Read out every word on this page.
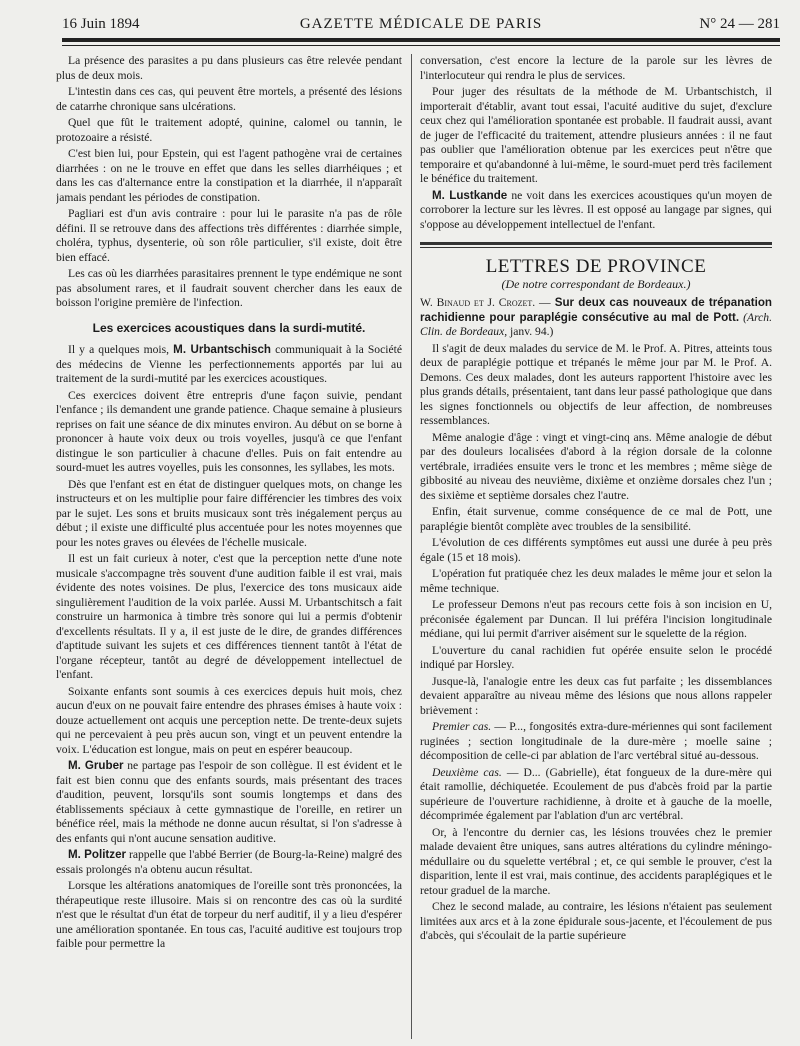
16 Juin 1894	GAZETTE MÉDICALE DE PARIS	N° 24 — 281

La présence des parasites a pu dans plusieurs cas être relevée pendant plus de deux mois.

L'intestin dans ces cas, qui peuvent être mortels, a présenté des lésions de catarrhe chronique sans ulcérations.

Quel que fût le traitement adopté, quinine, calomel ou tannin, le protozoaire a résisté.

C'est bien lui, pour Epstein, qui est l'agent pathogène vrai de certaines diarrhées : on ne le trouve en effet que dans les selles diarrhéiques ; et dans les cas d'alternance entre la constipation et la diarrhée, il n'apparaît jamais pendant les périodes de constipation.

Pagliari est d'un avis contraire : pour lui le parasite n'a pas de rôle défini. Il se retrouve dans des affections très différentes : diarrhée simple, choléra, typhus, dysenterie, où son rôle particulier, s'il existe, doit être bien effacé.

Les cas où les diarrhées parasitaires prennent le type endémique ne sont pas absolument rares, et il faudrait souvent chercher dans les eaux de boisson l'origine première de l'infection.

Les exercices acoustiques dans la surdi-mutité.

Il y a quelques mois, M. Urbantschisch communiquait à la Société des médecins de Vienne les perfectionnements apportés par lui au traitement de la surdi-mutité par les exercices acoustiques.

Ces exercices doivent être entrepris d'une façon suivie, pendant l'enfance ; ils demandent une grande patience. Chaque semaine à plusieurs reprises on fait une séance de dix minutes environ. Au début on se borne à prononcer à haute voix deux ou trois voyelles, jusqu'à ce que l'enfant distingue le son particulier à chacune d'elles. Puis on fait entendre au sourd-muet les autres voyelles, puis les consonnes, les syllabes, les mots.

Dès que l'enfant est en état de distinguer quelques mots, on change les instructeurs et on les multiplie pour faire différencier les timbres des voix par le sujet. Les sons et bruits musicaux sont très inégalement perçus au début ; il existe une difficulté plus accentuée pour les notes moyennes que pour les notes graves ou élevées de l'échelle musicale.

Il est un fait curieux à noter, c'est que la perception nette d'une note musicale s'accompagne très souvent d'une audition faible il est vrai, mais évidente des notes voisines. De plus, l'exercice des tons musicaux aide singulièrement l'audition de la voix parlée. Aussi M. Urbantschitsch a fait construire un harmonica à timbre très sonore qui lui a permis d'obtenir d'excellents résultats. Il y a, il est juste de le dire, de grandes différences d'aptitude suivant les sujets et ces différences tiennent tantôt à l'état de l'organe récepteur, tantôt au degré de développement intellectuel de l'enfant.

Soixante enfants sont soumis à ces exercices depuis huit mois, chez aucun d'eux on ne pouvait faire entendre des phrases émises à haute voix : douze actuellement ont acquis une perception nette. De trente-deux sujets qui ne percevaient à peu près aucun son, vingt et un peuvent entendre la voix. L'éducation est longue, mais on peut en espérer beaucoup.

M. Gruber ne partage pas l'espoir de son collègue. Il est évident et le fait est bien connu que des enfants sourds, mais présentant des traces d'audition, peuvent, lorsqu'ils sont soumis longtemps et dans des établissements spéciaux à cette gymnastique de l'oreille, en retirer un bénéfice réel, mais la méthode ne donne aucun résultat, si l'on s'adresse à des enfants qui n'ont aucune sensation auditive.

M. Politzer rappelle que l'abbé Berrier (de Bourg-la-Reine) malgré des essais prolongés n'a obtenu aucun résultat.

Lorsque les altérations anatomiques de l'oreille sont très prononcées, la thérapeutique reste illusoire. Mais si on rencontre des cas où la surdité n'est que le résultat d'un état de torpeur du nerf auditif, il y a lieu d'espérer une amélioration spontanée. En tous cas, l'acuité auditive est toujours trop faible pour permettre la

conversation, c'est encore la lecture de la parole sur les lèvres de l'interlocuteur qui rendra le plus de services.

Pour juger des résultats de la méthode de M. Urbantschistch, il importerait d'établir, avant tout essai, l'acuité auditive du sujet, d'exclure ceux chez qui l'amélioration spontanée est probable. Il faudrait aussi, avant de juger de l'efficacité du traitement, attendre plusieurs années : il ne faut pas oublier que l'amélioration obtenue par les exercices peut n'être que temporaire et qu'abandonné à lui-même, le sourd-muet perd très facilement le bénéfice du traitement.

M. Lustkande ne voit dans les exercices acoustiques qu'un moyen de corroborer la lecture sur les lèvres. Il est opposé au langage par signes, qui s'oppose au développement intellectuel de l'enfant.

LETTRES DE PROVINCE
(De notre correspondant de Bordeaux.)

W. Binaud et J. Crozet. — Sur deux cas nouveaux de trépanation rachidienne pour paraplégie consécutive au mal de Pott. (Arch. Clin. de Bordeaux, janv. 94.)

Il s'agit de deux malades du service de M. le Prof. A. Pitres, atteints tous deux de paraplégie pottique et trépanés le même jour par M. le Prof. A. Demons. Ces deux malades, dont les auteurs rapportent l'histoire avec les plus grands détails, présentaient, tant dans leur passé pathologique que dans les signes fonctionnels ou objectifs de leur affection, de nombreuses ressemblances.

Même analogie d'âge : vingt et vingt-cinq ans. Même analogie de début par des douleurs localisées d'abord à la région dorsale de la colonne vertébrale, irradiées ensuite vers le tronc et les membres ; même siège de gibbosité au niveau des neuvième, dixième et onzième dorsales chez l'un ; des sixième et septième dorsales chez l'autre.

Enfin, était survenue, comme conséquence de ce mal de Pott, une paraplégie bientôt complète avec troubles de la sensibilité.

L'évolution de ces différents symptômes eut aussi une durée à peu près égale (15 et 18 mois).

L'opération fut pratiquée chez les deux malades le même jour et selon la même technique.

Le professeur Demons n'eut pas recours cette fois à son incision en U, préconisée également par Duncan. Il lui préféra l'incision longitudinale médiane, qui lui permit d'arriver aisément sur le squelette de la région.

L'ouverture du canal rachidien fut opérée ensuite selon le procédé indiqué par Horsley.

Jusque-là, l'analogie entre les deux cas fut parfaite ; les dissemblances devaient apparaître au niveau même des lésions que nous allons rappeler brièvement :

Premier cas. — P..., fongosités extra-dure-mériennes qui sont facilement ruginées ; section longitudinale de la dure-mère ; moelle saine ; décomposition de celle-ci par ablation de l'arc vertébral situé au-dessous.

Deuxième cas. — D... (Gabrielle), état fongueux de la dure-mère qui était ramollie, déchiquetée. Ecoulement de pus d'abcès froid par la partie supérieure de l'ouverture rachidienne, à droite et à gauche de la moelle, décomprimée également par l'ablation d'un arc vertébral.

Or, à l'encontre du dernier cas, les lésions trouvées chez le premier malade devaient être uniques, sans autres altérations du cylindre méningo-médullaire ou du squelette vertébral ; et, ce qui semble le prouver, c'est la disparition, lente il est vrai, mais continue, des accidents paraplégiques et le retour graduel de la marche.

Chez le second malade, au contraire, les lésions n'étaient pas seulement limitées aux arcs et à la zone épidurale sous-jacente, et l'écoulement de pus d'abcès, qui s'écoulait de la partie supérieure
